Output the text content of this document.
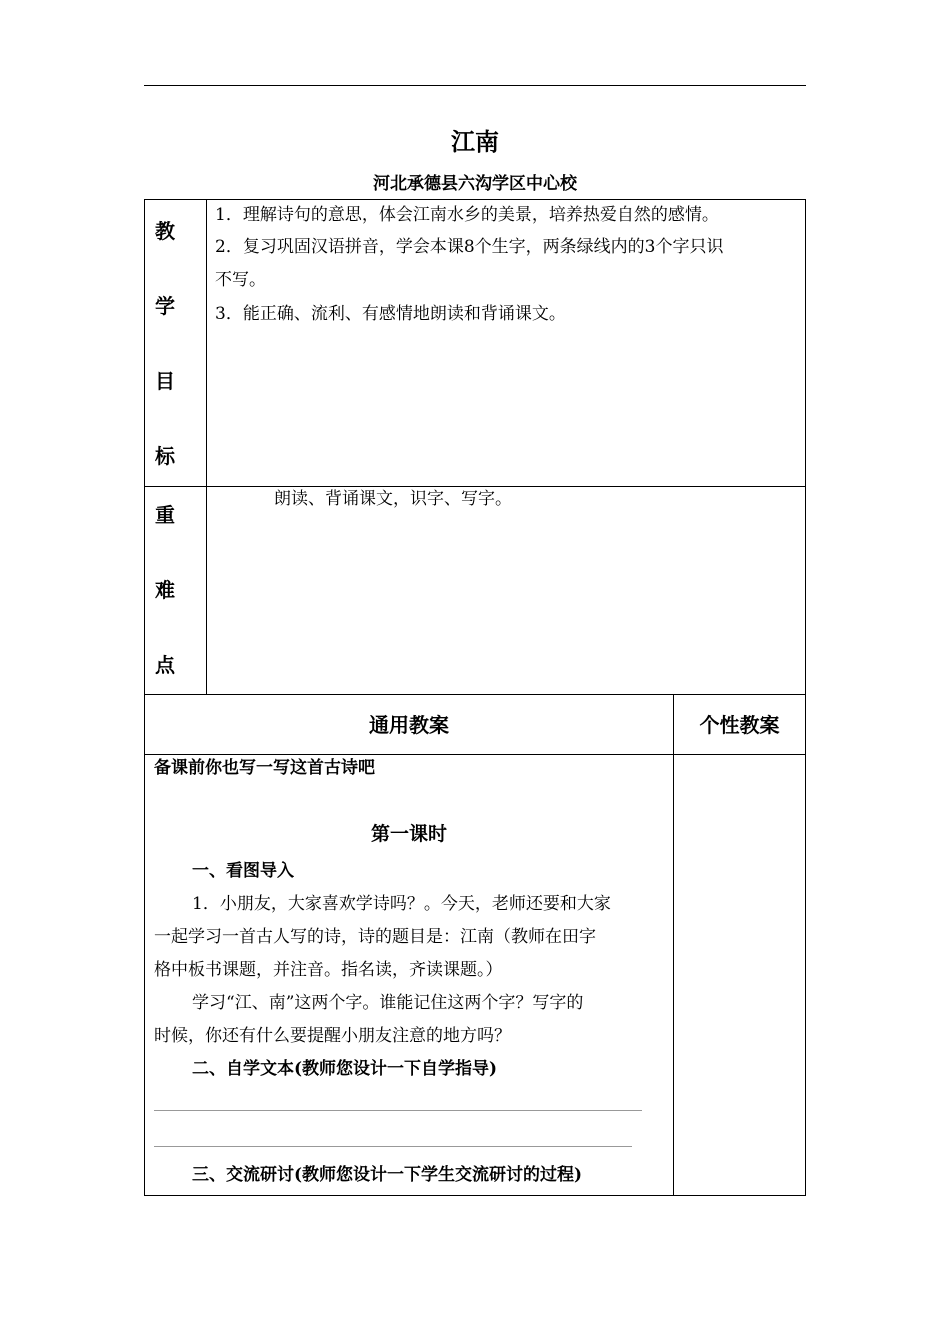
江南
河北承德县六沟学区中心校
教
学
目
标

1．理解诗句的意思，体会江南水乡的美景，培养热爱自然的感情。

2．复习巩固汉语拼音，学会本课8个生字，两条绿线内的3个字只识

不写。

3．能正确、流利、有感情地朗读和背诵课文。

重
难
点

朗读、背诵课文，识字、写字。

通用教案	个性教案

备课前你也写一写这首古诗吧

第一课时

一、看图导入

1．小朋友，大家喜欢学诗吗？。今天，老师还要和大家

一起学习一首古人写的诗，诗的题目是：江南（教师在田字

格中板书课题，并注音。指名读，齐读课题。）

学习“江、南”这两个字。谁能记住这两个字？写字的

时候，你还有什么要提醒小朋友注意的地方吗？

二、自学文本(教师您设计一下自学指导)

三、交流研讨(教师您设计一下学生交流研讨的过程)
